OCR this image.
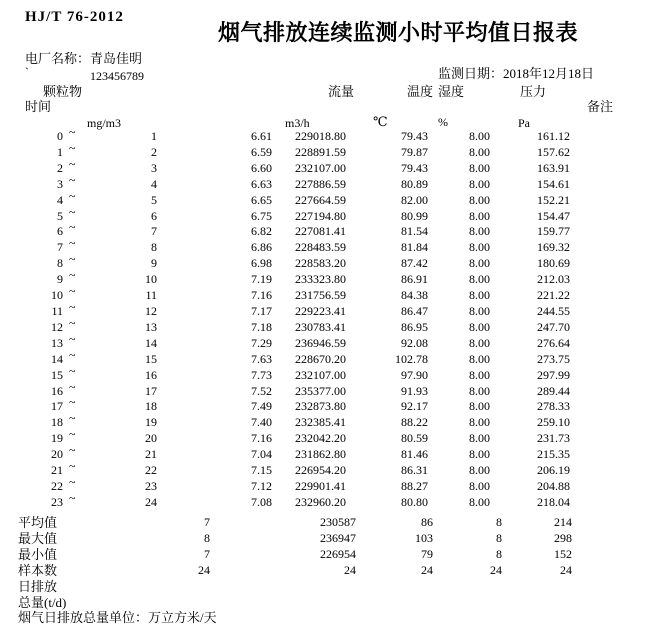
HJ/T 76-2012
烟气排放连续监测小时平均值日报表
电厂名称：青岛佳明
`	123456789	监测日期：2018年12月18日
颗粒物	流量	温度 湿度	压力
时间	备注
mg/m3	m3/h	℃	%	Pa
0 ~	1	6.61	229018.80	79.43	8.00	161.12
1 ~	2	6.59	228891.59	79.87	8.00	157.62
2 ~	3	6.60	232107.00	79.43	8.00	163.91
3 ~	4	6.63	227886.59	80.89	8.00	154.61
4 ~	5	6.65	227664.59	82.00	8.00	152.21
5 ~	6	6.75	227194.80	80.99	8.00	154.47
6 ~	7	6.82	227081.41	81.54	8.00	159.77
7 ~	8	6.86	228483.59	81.84	8.00	169.32
8 ~	9	6.98	228583.20	87.42	8.00	180.69
9 ~	10	7.19	233323.80	86.91	8.00	212.03
10 ~	11	7.16	231756.59	84.38	8.00	221.22
11 ~	12	7.17	229223.41	86.47	8.00	244.55
12 ~	13	7.18	230783.41	86.95	8.00	247.70
13 ~	14	7.29	236946.59	92.08	8.00	276.64
14 ~	15	7.63	228670.20	102.78	8.00	273.75
15 ~	16	7.73	232107.00	97.90	8.00	297.99
16 ~	17	7.52	235377.00	91.93	8.00	289.44
17 ~	18	7.49	232873.80	92.17	8.00	278.33
18 ~	19	7.40	232385.41	88.22	8.00	259.10
19 ~	20	7.16	232042.20	80.59	8.00	231.73
20 ~	21	7.04	231862.80	81.46	8.00	215.35
21 ~	22	7.15	226954.20	86.31	8.00	206.19
22 ~	23	7.12	229901.41	88.27	8.00	204.88
23 ~	24	7.08	232960.20	80.80	8.00	218.04
平均值	7	230587	86	8	214
最大值	8	236947	103	8	298
最小值	7	226954	79	8	152
样本数	24	24	24	24	24
日排放
总量(t/d)
烟气日排放总量单位：万立方米/天
